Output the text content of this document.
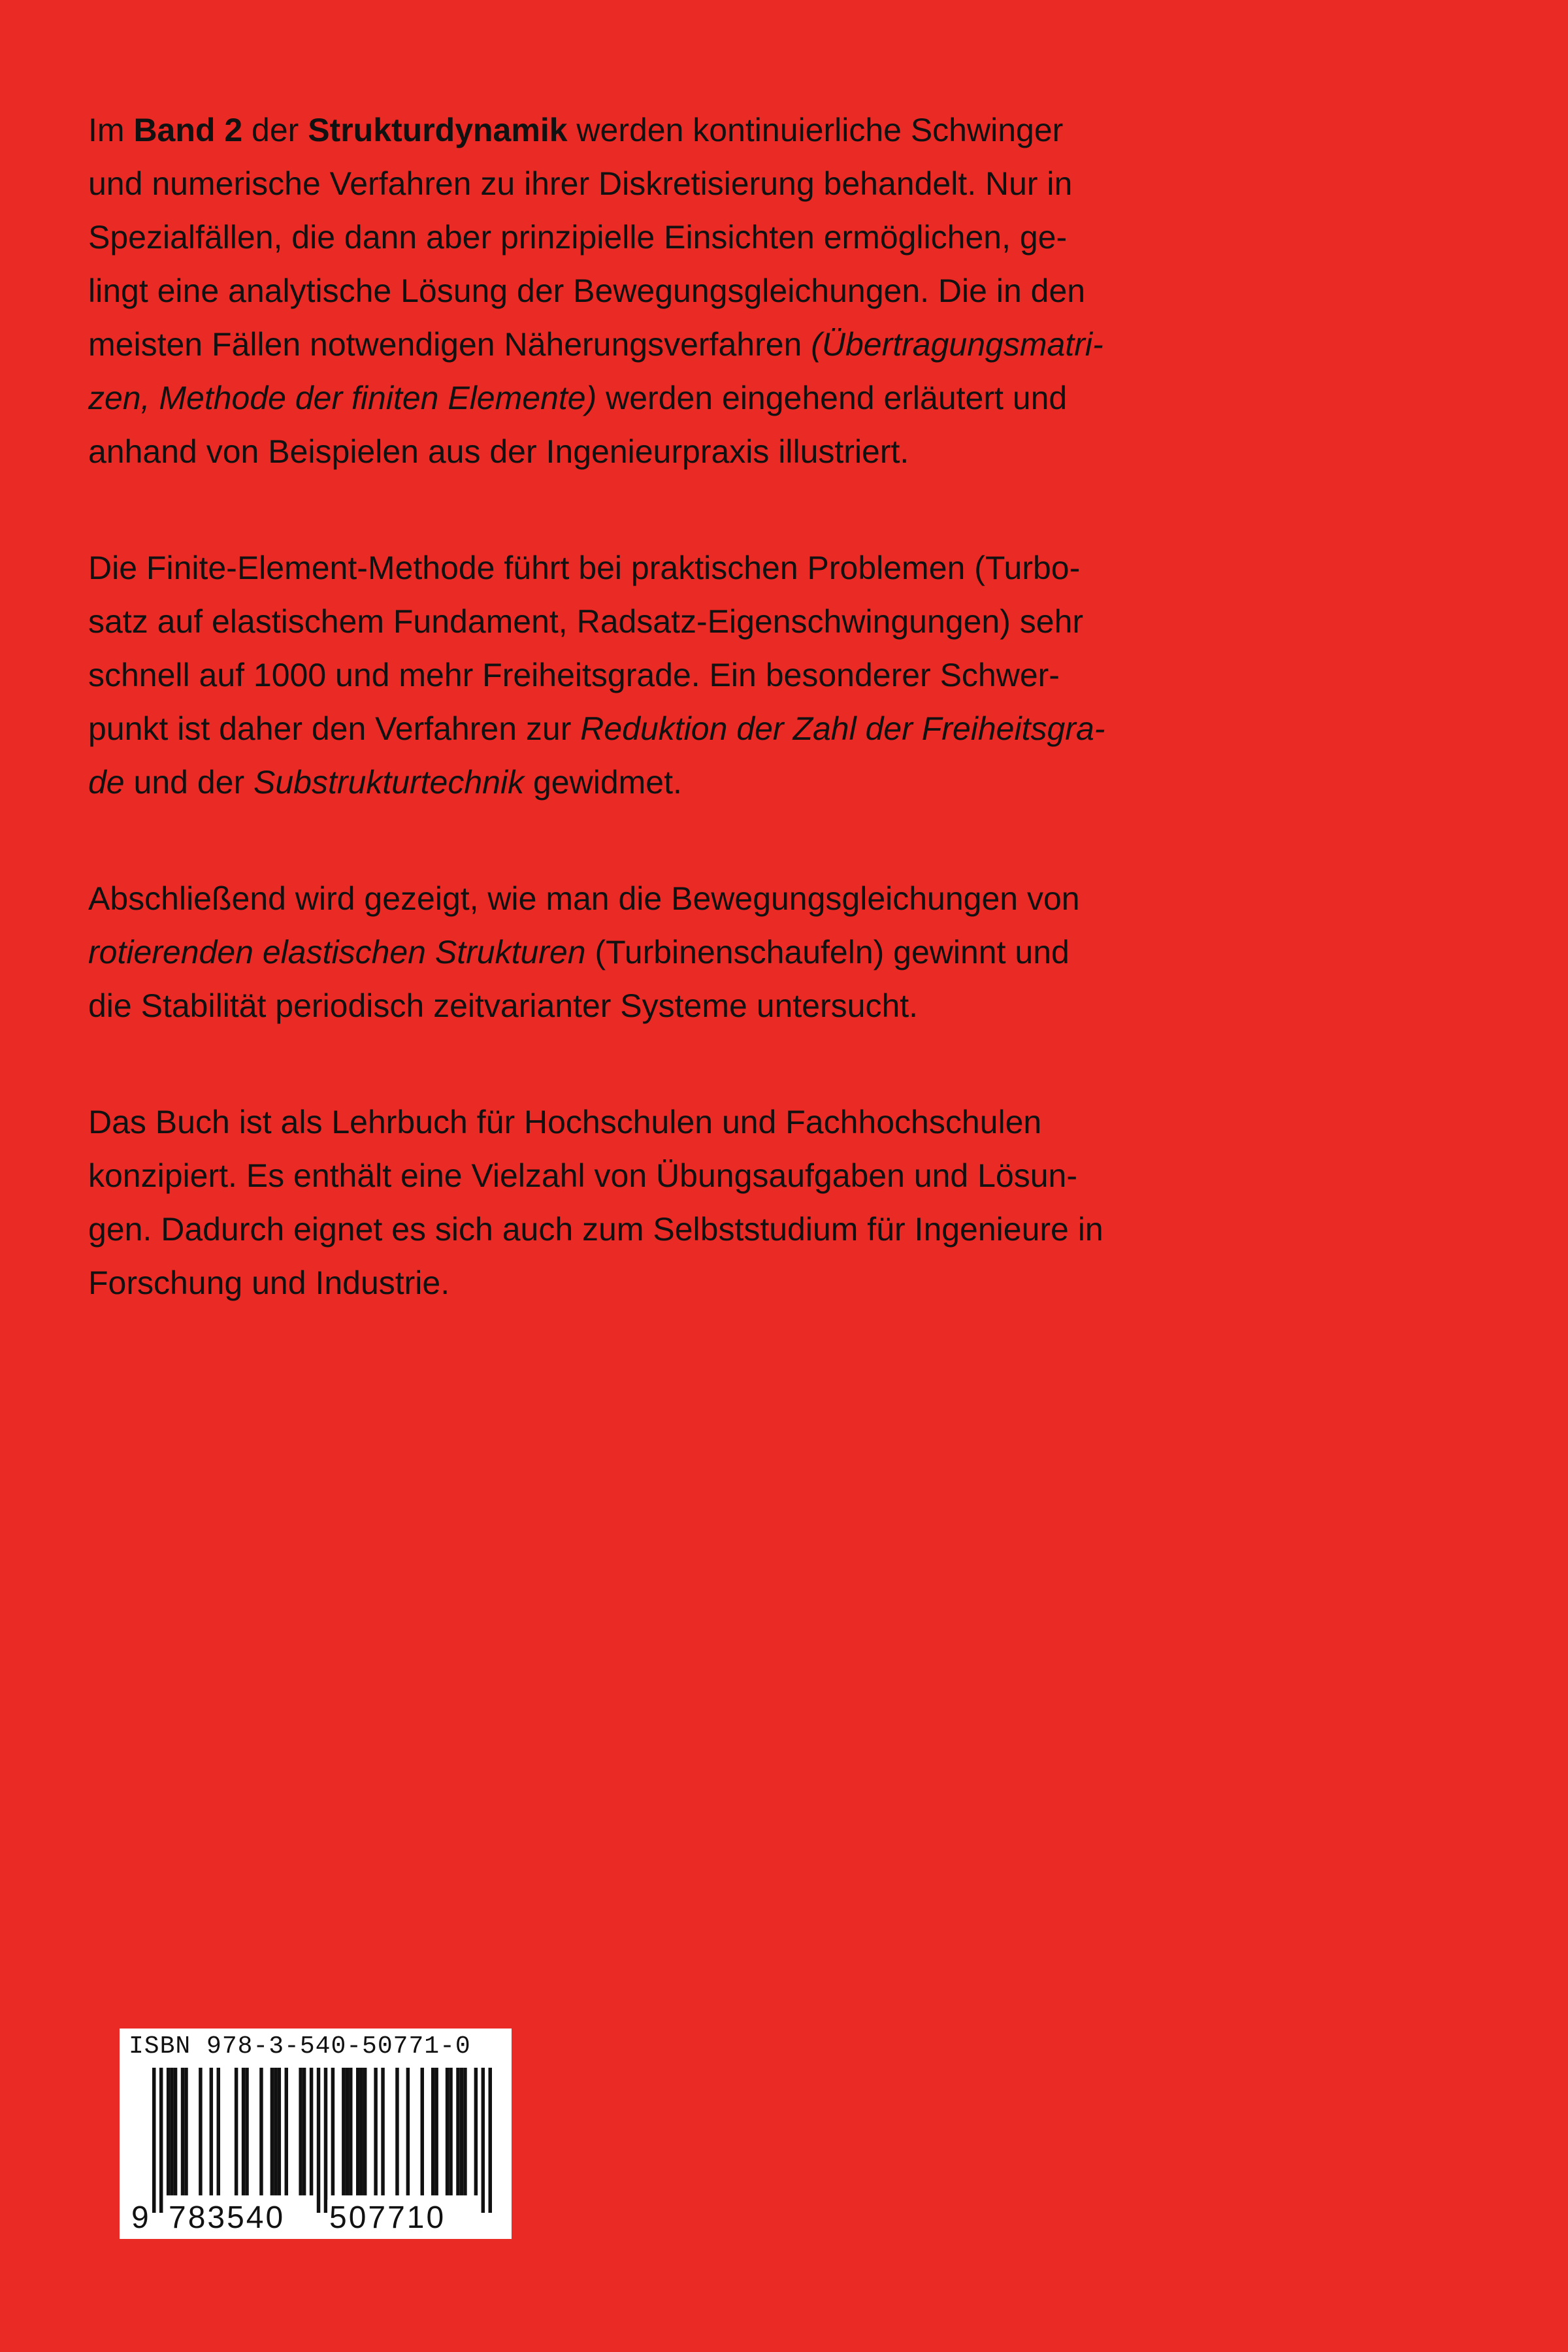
Im Band 2 der Strukturdynamik werden kontinuierliche Schwinger
und numerische Verfahren zu ihrer Diskretisierung behandelt. Nur in
Spezialfällen, die dann aber prinzipielle Einsichten ermöglichen, ge-
lingt eine analytische Lösung der Bewegungsgleichungen. Die in den
meisten Fällen notwendigen Näherungsverfahren (Übertragungsmatri-
zen, Methode der finiten Elemente) werden eingehend erläutert und
anhand von Beispielen aus der Ingenieurpraxis illustriert.

Die Finite-Element-Methode führt bei praktischen Problemen (Turbo-
satz auf elastischem Fundament, Radsatz-Eigenschwingungen) sehr
schnell auf 1000 und mehr Freiheitsgrade. Ein besonderer Schwer-
punkt ist daher den Verfahren zur Reduktion der Zahl der Freiheitsgra-
de und der Substrukturtechnik gewidmet.

Abschließend wird gezeigt, wie man die Bewegungsgleichungen von
rotierenden elastischen Strukturen (Turbinenschaufeln) gewinnt und
die Stabilität periodisch zeitvarianter Systeme untersucht.

Das Buch ist als Lehrbuch für Hochschulen und Fachhochschulen
konzipiert. Es enthält eine Vielzahl von Übungsaufgaben und Lösun-
gen. Dadurch eignet es sich auch zum Selbststudium für Ingenieure in
Forschung und Industrie.

ISBN 978-3-540-50771-0
9 783540 507710
